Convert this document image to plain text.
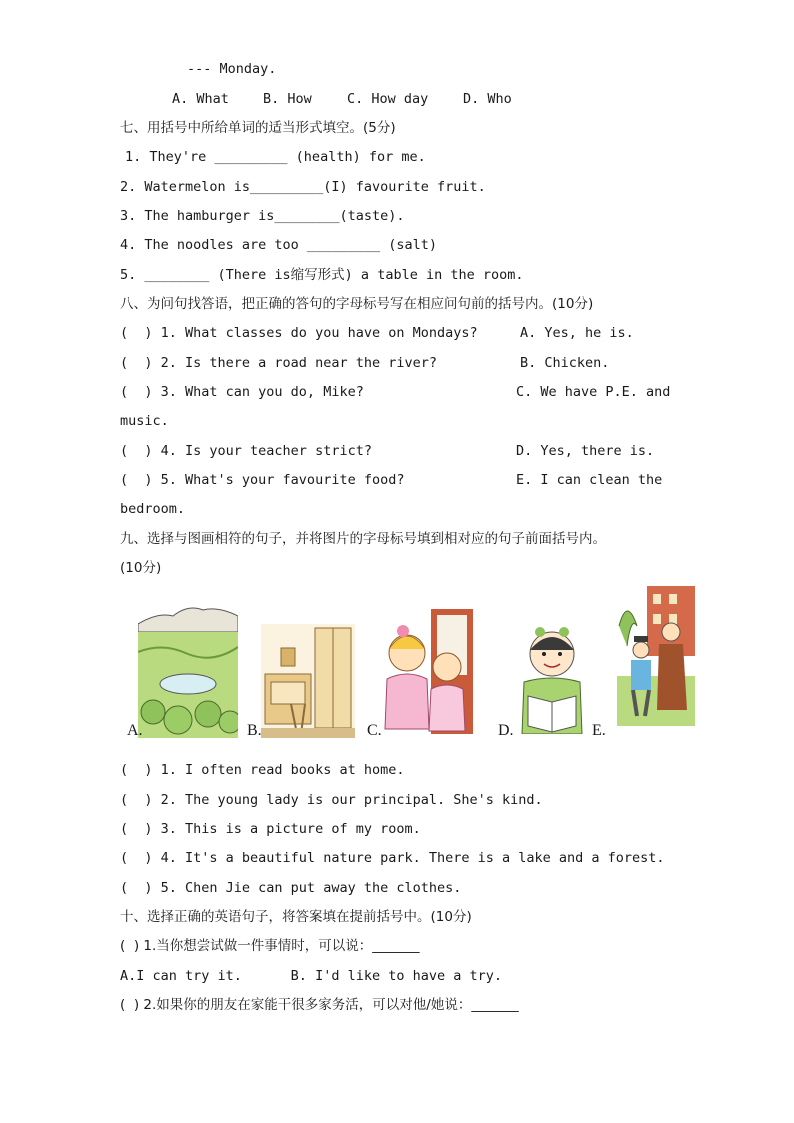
--- Monday.
A. What	B. How	C. How day	D. Who
七、用括号中所给单词的适当形式填空。(5分)
1. They're _________ (health) for me.
2. Watermelon is_________(I) favourite fruit.
3. The hamburger is________(taste).
4. The noodles are too _________ (salt)
5. ________ (There is缩写形式) a table in the room.
八、为问句找答语，把正确的答句的字母标号写在相应问句前的括号内。(10分)
(  ) 1. What classes do you have on Mondays?	A. Yes, he is.
(  ) 2. Is there a road near the river?	B. Chicken.
(  ) 3. What can you do, Mike?	C. We have P.E. and
music.
(  ) 4. Is your teacher strict?	D. Yes, there is.
(  ) 5. What's your favourite food?	E. I can clean the
bedroom.
九、选择与图画相符的句子，并将图片的字母标号填到相对应的句子前面括号内。
(10分)
A.	B.	C.	D.	E.
(  ) 1. I often read books at home.
(  ) 2. The young lady is our principal. She's kind.
(  ) 3. This is a picture of my room.
(  ) 4. It's a beautiful nature park. There is a lake and a forest.
(  ) 5. Chen Jie can put away the clothes.
十、选择正确的英语句子，将答案填在提前括号中。(10分)
(  ) 1.当你想尝试做一件事情时，可以说：_______
A.I can try it.      B. I'd like to have a try.
(  ) 2.如果你的朋友在家能干很多家务活，可以对他/她说：_______
